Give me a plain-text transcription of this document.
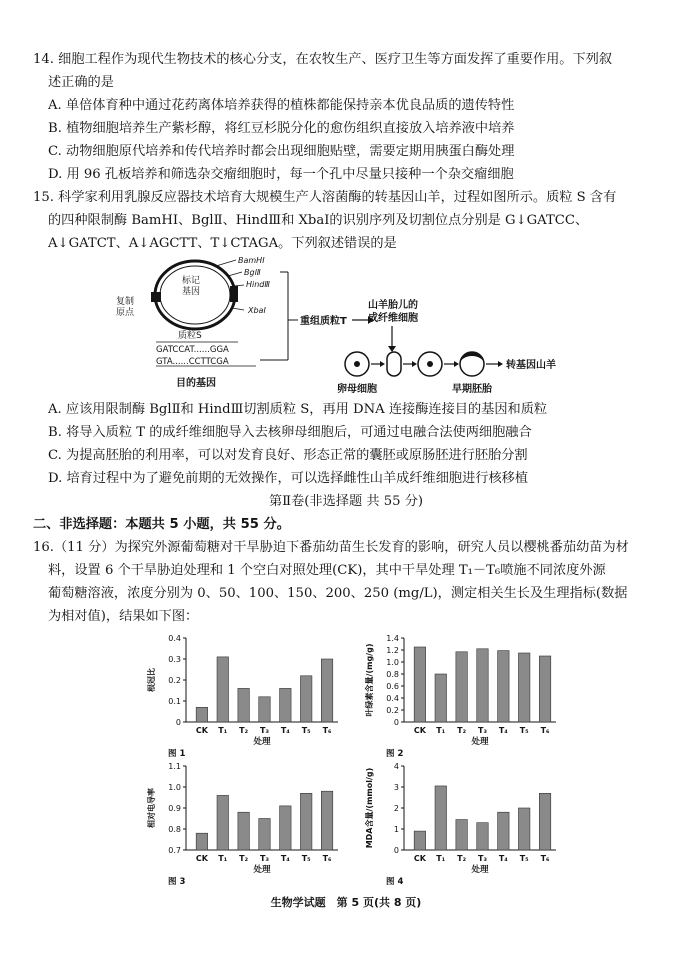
14. 细胞工程作为现代生物技术的核心分支，在农牧生产、医疗卫生等方面发挥了重要作用。下列叙
述正确的是
A. 单倍体育种中通过花药离体培养获得的植株都能保持亲本优良品质的遗传特性
B. 植物细胞培养生产紫杉醇，将红豆杉脱分化的愈伤组织直接放入培养液中培养
C. 动物细胞原代培养和传代培养时都会出现细胞贴壁，需要定期用胰蛋白酶处理
D. 用 96 孔板培养和筛选杂交瘤细胞时，每一个孔中尽量只接种一个杂交瘤细胞
15. 科学家利用乳腺反应器技术培育大规模生产人溶菌酶的转基因山羊，过程如图所示。质粒 S 含有
的四种限制酶 BamHⅠ、BglⅡ、HindⅢ和 XbaⅠ的识别序列及切割位点分别是 G↓GATCC、
A↓GATCT、A↓AGCTT、T↓CTAGA。下列叙述错误的是
标记
基因
复制
原点
质粒S
BamHⅠ
BglⅡ
HindⅢ
XbaⅠ
GATCCAT......GGA
GTA......CCTTCGA
目的基因
重组质粒T
山羊胎儿的
成纤维细胞
转基因山羊
卵母细胞	早期胚胎
A. 应该用限制酶 BglⅡ和 HindⅢ切割质粒 S，再用 DNA 连接酶连接目的基因和质粒
B. 将导入质粒 T 的成纤维细胞导入去核卵母细胞后，可通过电融合法使两细胞融合
C. 为提高胚胎的利用率，可以对发育良好、形态正常的囊胚或原肠胚进行胚胎分割
D. 培育过程中为了避免前期的无效操作，可以选择雌性山羊成纤维细胞进行核移植
第Ⅱ卷(非选择题 共 55 分)
二、非选择题：本题共 5 小题，共 55 分。
16.（11 分）为探究外源葡萄糖对干旱胁迫下番茄幼苗生长发育的影响，研究人员以樱桃番茄幼苗为材
料，设置 6 个干旱胁迫处理和 1 个空白对照处理(CK)，其中干旱处理 T₁－T₆喷施不同浓度外源
葡萄糖溶液，浓度分别为 0、50、100、150、200、250 (mg/L)，测定相关生长及生理指标(数据
为相对值)，结果如下图：
0
0.1
0.2
0.3
0.4
根冠比
CK T₁ T₂ T₃ T₄ T₅ T₆
处理
图 1
0
0.2
0.4
0.6
0.8
1.0
1.2
1.4
叶绿素含量/(mg/g)
CK T₁ T₂ T₃ T₄ T₅ T₆
处理
图 2
0.7
0.8
0.9
1.0
1.1
相对电导率
CK T₁ T₂ T₃ T₄ T₅ T₆
处理
图 3
0
1
2
3
4
MDA含量/(mmol/g)
CK T₁ T₂ T₃ T₄ T₅ T₆
处理
图 4
生物学试题　第 5 页(共 8 页)
